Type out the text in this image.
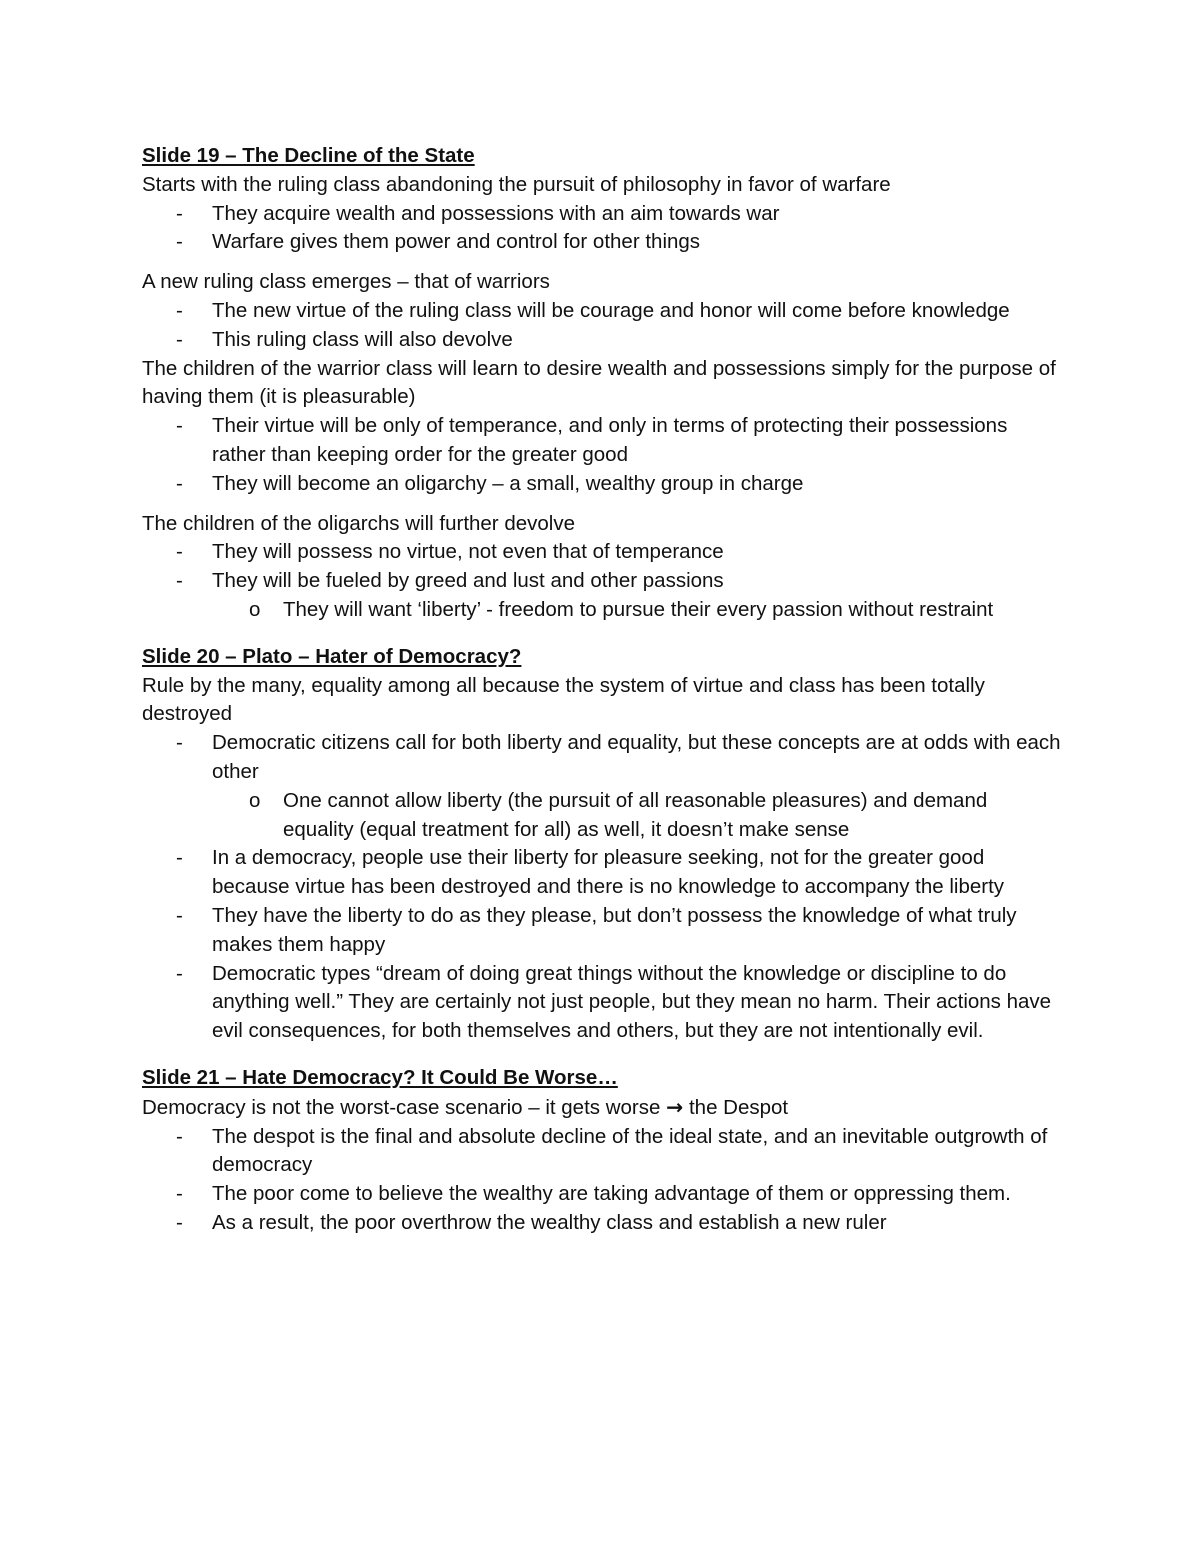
Slide 19 – The Decline of the State

Starts with the ruling class abandoning the pursuit of philosophy in favor of warfare

- They acquire wealth and possessions with an aim towards war
- Warfare gives them power and control for other things

A new ruling class emerges – that of warriors

- The new virtue of the ruling class will be courage and honor will come before knowledge
- This ruling class will also devolve

The children of the warrior class will learn to desire wealth and possessions simply for the purpose of having them (it is pleasurable)

- Their virtue will be only of temperance, and only in terms of protecting their possessions rather than keeping order for the greater good
- They will become an oligarchy – a small, wealthy group in charge

The children of the oligarchs will further devolve

- They will possess no virtue, not even that of temperance
- They will be fueled by greed and lust and other passions
o They will want ‘liberty’ - freedom to pursue their every passion without restraint

Slide 20 – Plato – Hater of Democracy?

Rule by the many, equality among all because the system of virtue and class has been totally destroyed

- Democratic citizens call for both liberty and equality, but these concepts are at odds with each other
o One cannot allow liberty (the pursuit of all reasonable pleasures) and demand equality (equal treatment for all) as well, it doesn’t make sense
- In a democracy, people use their liberty for pleasure seeking, not for the greater good because virtue has been destroyed and there is no knowledge to accompany the liberty
- They have the liberty to do as they please, but don’t possess the knowledge of what truly makes them happy
- Democratic types “dream of doing great things without the knowledge or discipline to do anything well.” They are certainly not just people, but they mean no harm. Their actions have evil consequences, for both themselves and others, but they are not intentionally evil.

Slide 21 – Hate Democracy? It Could Be Worse…

Democracy is not the worst-case scenario – it gets worse → the Despot

- The despot is the final and absolute decline of the ideal state, and an inevitable outgrowth of democracy
- The poor come to believe the wealthy are taking advantage of them or oppressing them.
- As a result, the poor overthrow the wealthy class and establish a new ruler
